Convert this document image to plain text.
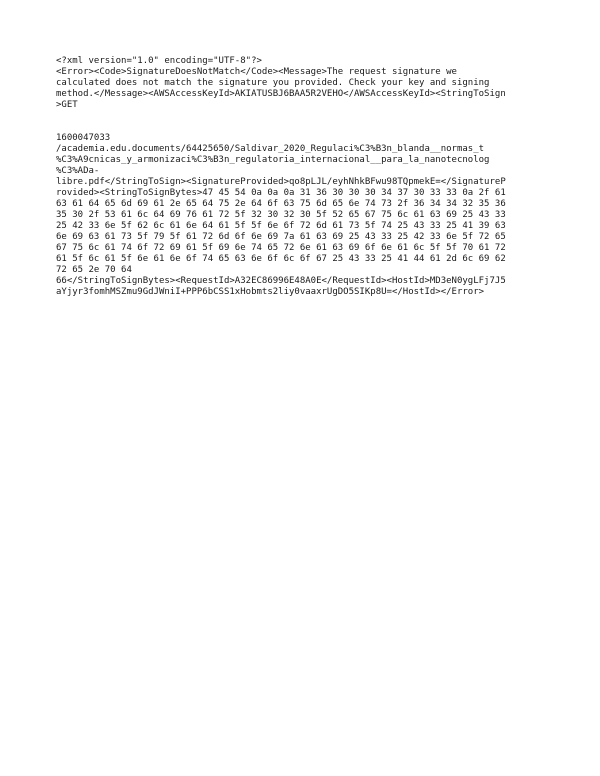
<?xml version="1.0" encoding="UTF-8"?>
<Error><Code>SignatureDoesNotMatch</Code><Message>The request signature we
calculated does not match the signature you provided. Check your key and signing
method.</Message><AWSAccessKeyId>AKIATUSBJ6BAA5R2VEHO</AWSAccessKeyId><StringToSign
>GET
1600047033
/academia.edu.documents/64425650/Saldivar_2020_Regulaci%C3%B3n_blanda__normas_t
%C3%A9cnicas_y_armonizaci%C3%B3n_regulatoria_internacional__para_la_nanotecnolog
%C3%ADa-
libre.pdf</StringToSign><SignatureProvided>qo8pLJL/eyhNhkBFwu98TQpmekE=</SignatureP
rovided><StringToSignBytes>47 45 54 0a 0a 0a 31 36 30 30 30 34 37 30 33 33 0a 2f 61
63 61 64 65 6d 69 61 2e 65 64 75 2e 64 6f 63 75 6d 65 6e 74 73 2f 36 34 34 32 35 36
35 30 2f 53 61 6c 64 69 76 61 72 5f 32 30 32 30 5f 52 65 67 75 6c 61 63 69 25 43 33
25 42 33 6e 5f 62 6c 61 6e 64 61 5f 5f 6e 6f 72 6d 61 73 5f 74 25 43 33 25 41 39 63
6e 69 63 61 73 5f 79 5f 61 72 6d 6f 6e 69 7a 61 63 69 25 43 33 25 42 33 6e 5f 72 65
67 75 6c 61 74 6f 72 69 61 5f 69 6e 74 65 72 6e 61 63 69 6f 6e 61 6c 5f 5f 70 61 72
61 5f 6c 61 5f 6e 61 6e 6f 74 65 63 6e 6f 6c 6f 67 25 43 33 25 41 44 61 2d 6c 69 62
72 65 2e 70 64
66</StringToSignBytes><RequestId>A32EC86996E48A0E</RequestId><HostId>MD3eN0ygLFj7J5
aYjyr3fomhMSZmu9GdJWniI+PPP6bCSS1xHobmts2liy0vaaxrUgDO5SIKp8U=</HostId></Error>
